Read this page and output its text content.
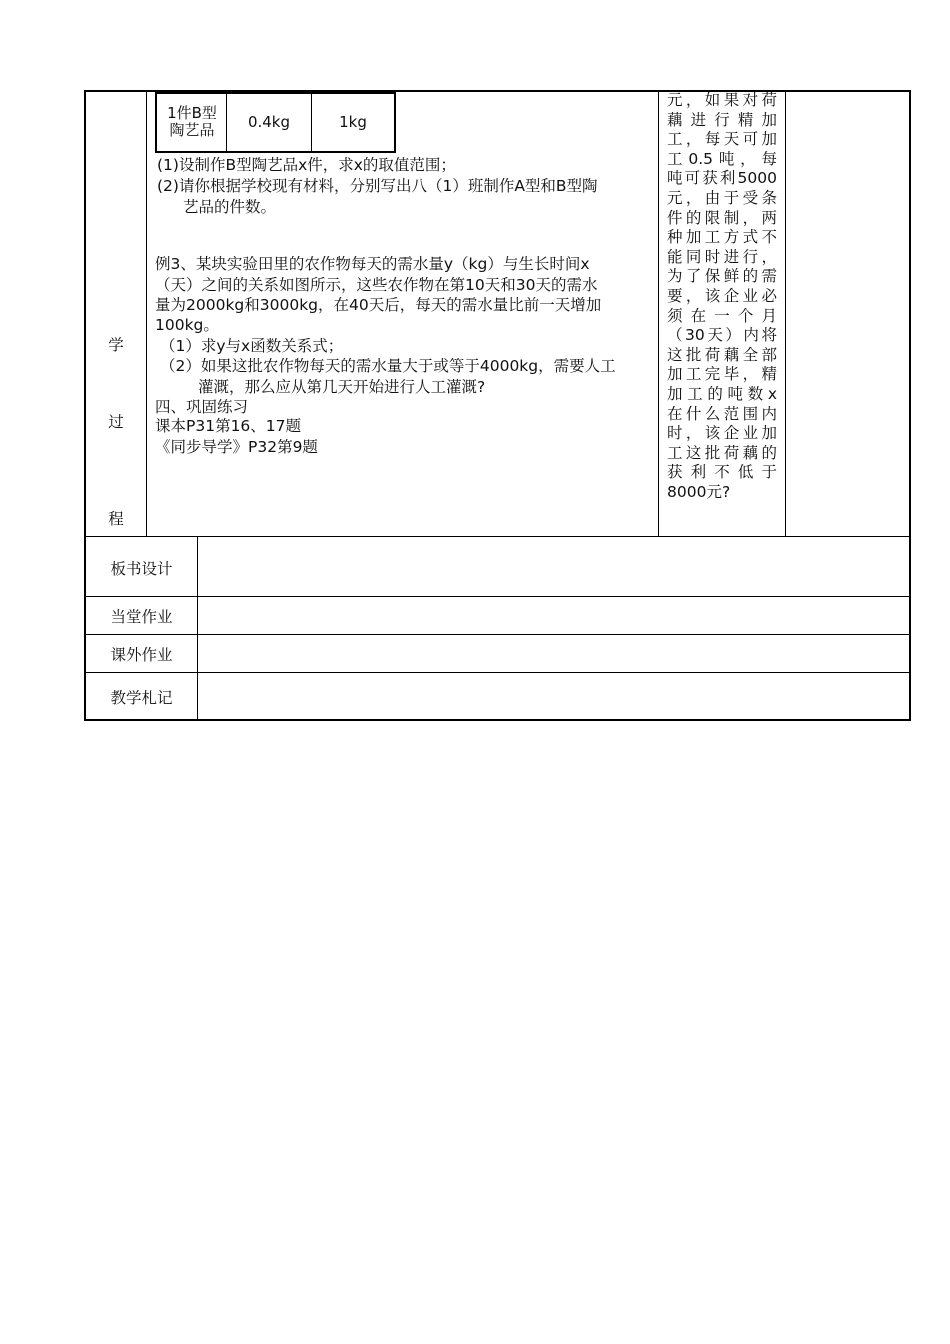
1件B型陶艺品	0.4kg	1kg
(1)设制作B型陶艺品x件，求x的取值范围；
(2)请你根据学校现有材料，分别写出八（1）班制作A型和B型陶
艺品的件数。
例3、某块实验田里的农作物每天的需水量y（kg）与生长时间x
（天）之间的关系如图所示，这些农作物在第10天和30天的需水
量为2000kg和3000kg，在40天后，每天的需水量比前一天增加
100kg。
（1）求y与x函数关系式；
（2）如果这批农作物每天的需水量大于或等于4000kg，需要人工
灌溉，那么应从第几天开始进行人工灌溉?
四、巩固练习
课本P31第16、17题
《同步导学》P32第9题
学
过
程
元，如果对荷
藕进行精加
工，每天可加
工0.5吨，每
吨可获利5000
元，由于受条
件的限制，两
种加工方式不
能同时进行，
为了保鲜的需
要，该企业必
须在一个月
（30天）内将
这批荷藕全部
加工完毕，精
加工的吨数x
在什么范围内
时，该企业加
工这批荷藕的
获利不低于
8000元?
板书设计
当堂作业
课外作业
教学札记
